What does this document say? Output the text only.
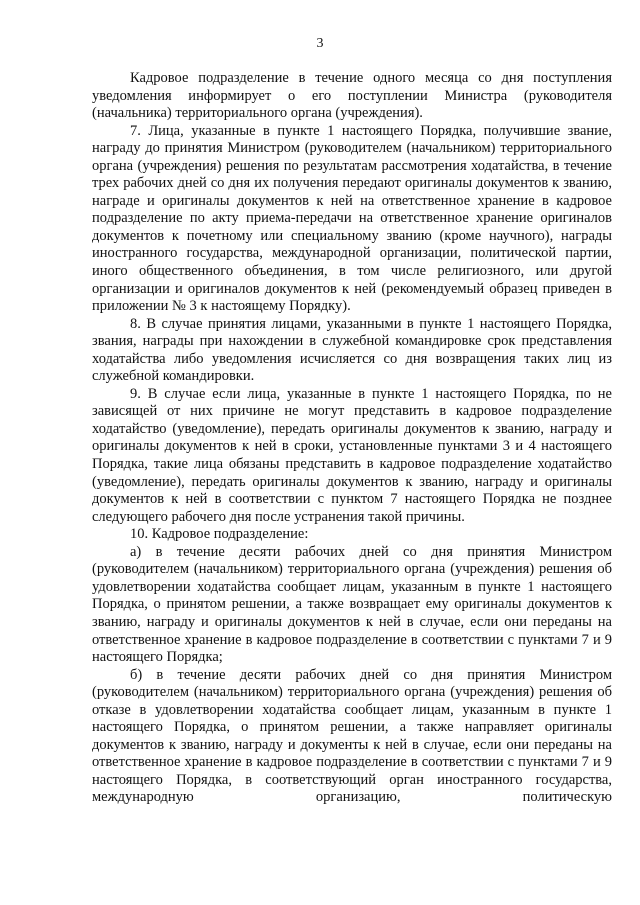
3

Кадровое подразделение в течение одного месяца со дня поступления уведомления информирует о его поступлении Министра (руководителя (начальника) территориального органа (учреждения).

7. Лица, указанные в пункте 1 настоящего Порядка, получившие звание, награду до принятия Министром (руководителем (начальником) территориального органа (учреждения) решения по результатам рассмотрения ходатайства, в течение трех рабочих дней со дня их получения передают оригиналы документов к званию, награде и оригиналы документов к ней на ответственное хранение в кадровое подразделение по акту приема-передачи на ответственное хранение оригиналов документов к почетному или специальному званию (кроме научного), награды иностранного государства, международной организации, политической партии, иного общественного объединения, в том числе религиозного, или другой организации и оригиналов документов к ней (рекомендуемый образец приведен в приложении № 3 к настоящему Порядку).

8. В случае принятия лицами, указанными в пункте 1 настоящего Порядка, звания, награды при нахождении в служебной командировке срок представления ходатайства либо уведомления исчисляется со дня возвращения таких лиц из служебной командировки.

9. В случае если лица, указанные в пункте 1 настоящего Порядка, по не зависящей от них причине не могут представить в кадровое подразделение ходатайство (уведомление), передать оригиналы документов к званию, награду и оригиналы документов к ней в сроки, установленные пунктами 3 и 4 настоящего Порядка, такие лица обязаны представить в кадровое подразделение ходатайство (уведомление), передать оригиналы документов к званию, награду и оригиналы документов к ней в соответствии с пунктом 7 настоящего Порядка не позднее следующего рабочего дня после устранения такой причины.

10. Кадровое подразделение:

а) в течение десяти рабочих дней со дня принятия Министром (руководителем (начальником) территориального органа (учреждения) решения об удовлетворении ходатайства сообщает лицам, указанным в пункте 1 настоящего Порядка, о принятом решении, а также возвращает ему оригиналы документов к званию, награду и оригиналы документов к ней в случае, если они переданы на ответственное хранение в кадровое подразделение в соответствии с пунктами 7 и 9 настоящего Порядка;

б) в течение десяти рабочих дней со дня принятия Министром (руководителем (начальником) территориального органа (учреждения) решения об отказе в удовлетворении ходатайства сообщает лицам, указанным в пункте 1 настоящего Порядка, о принятом решении, а также направляет оригиналы документов к званию, награду и документы к ней в случае, если они переданы на ответственное хранение в кадровое подразделение в соответствии с пунктами 7 и 9 настоящего Порядка, в соответствующий орган иностранного государства, международную организацию, политическую
